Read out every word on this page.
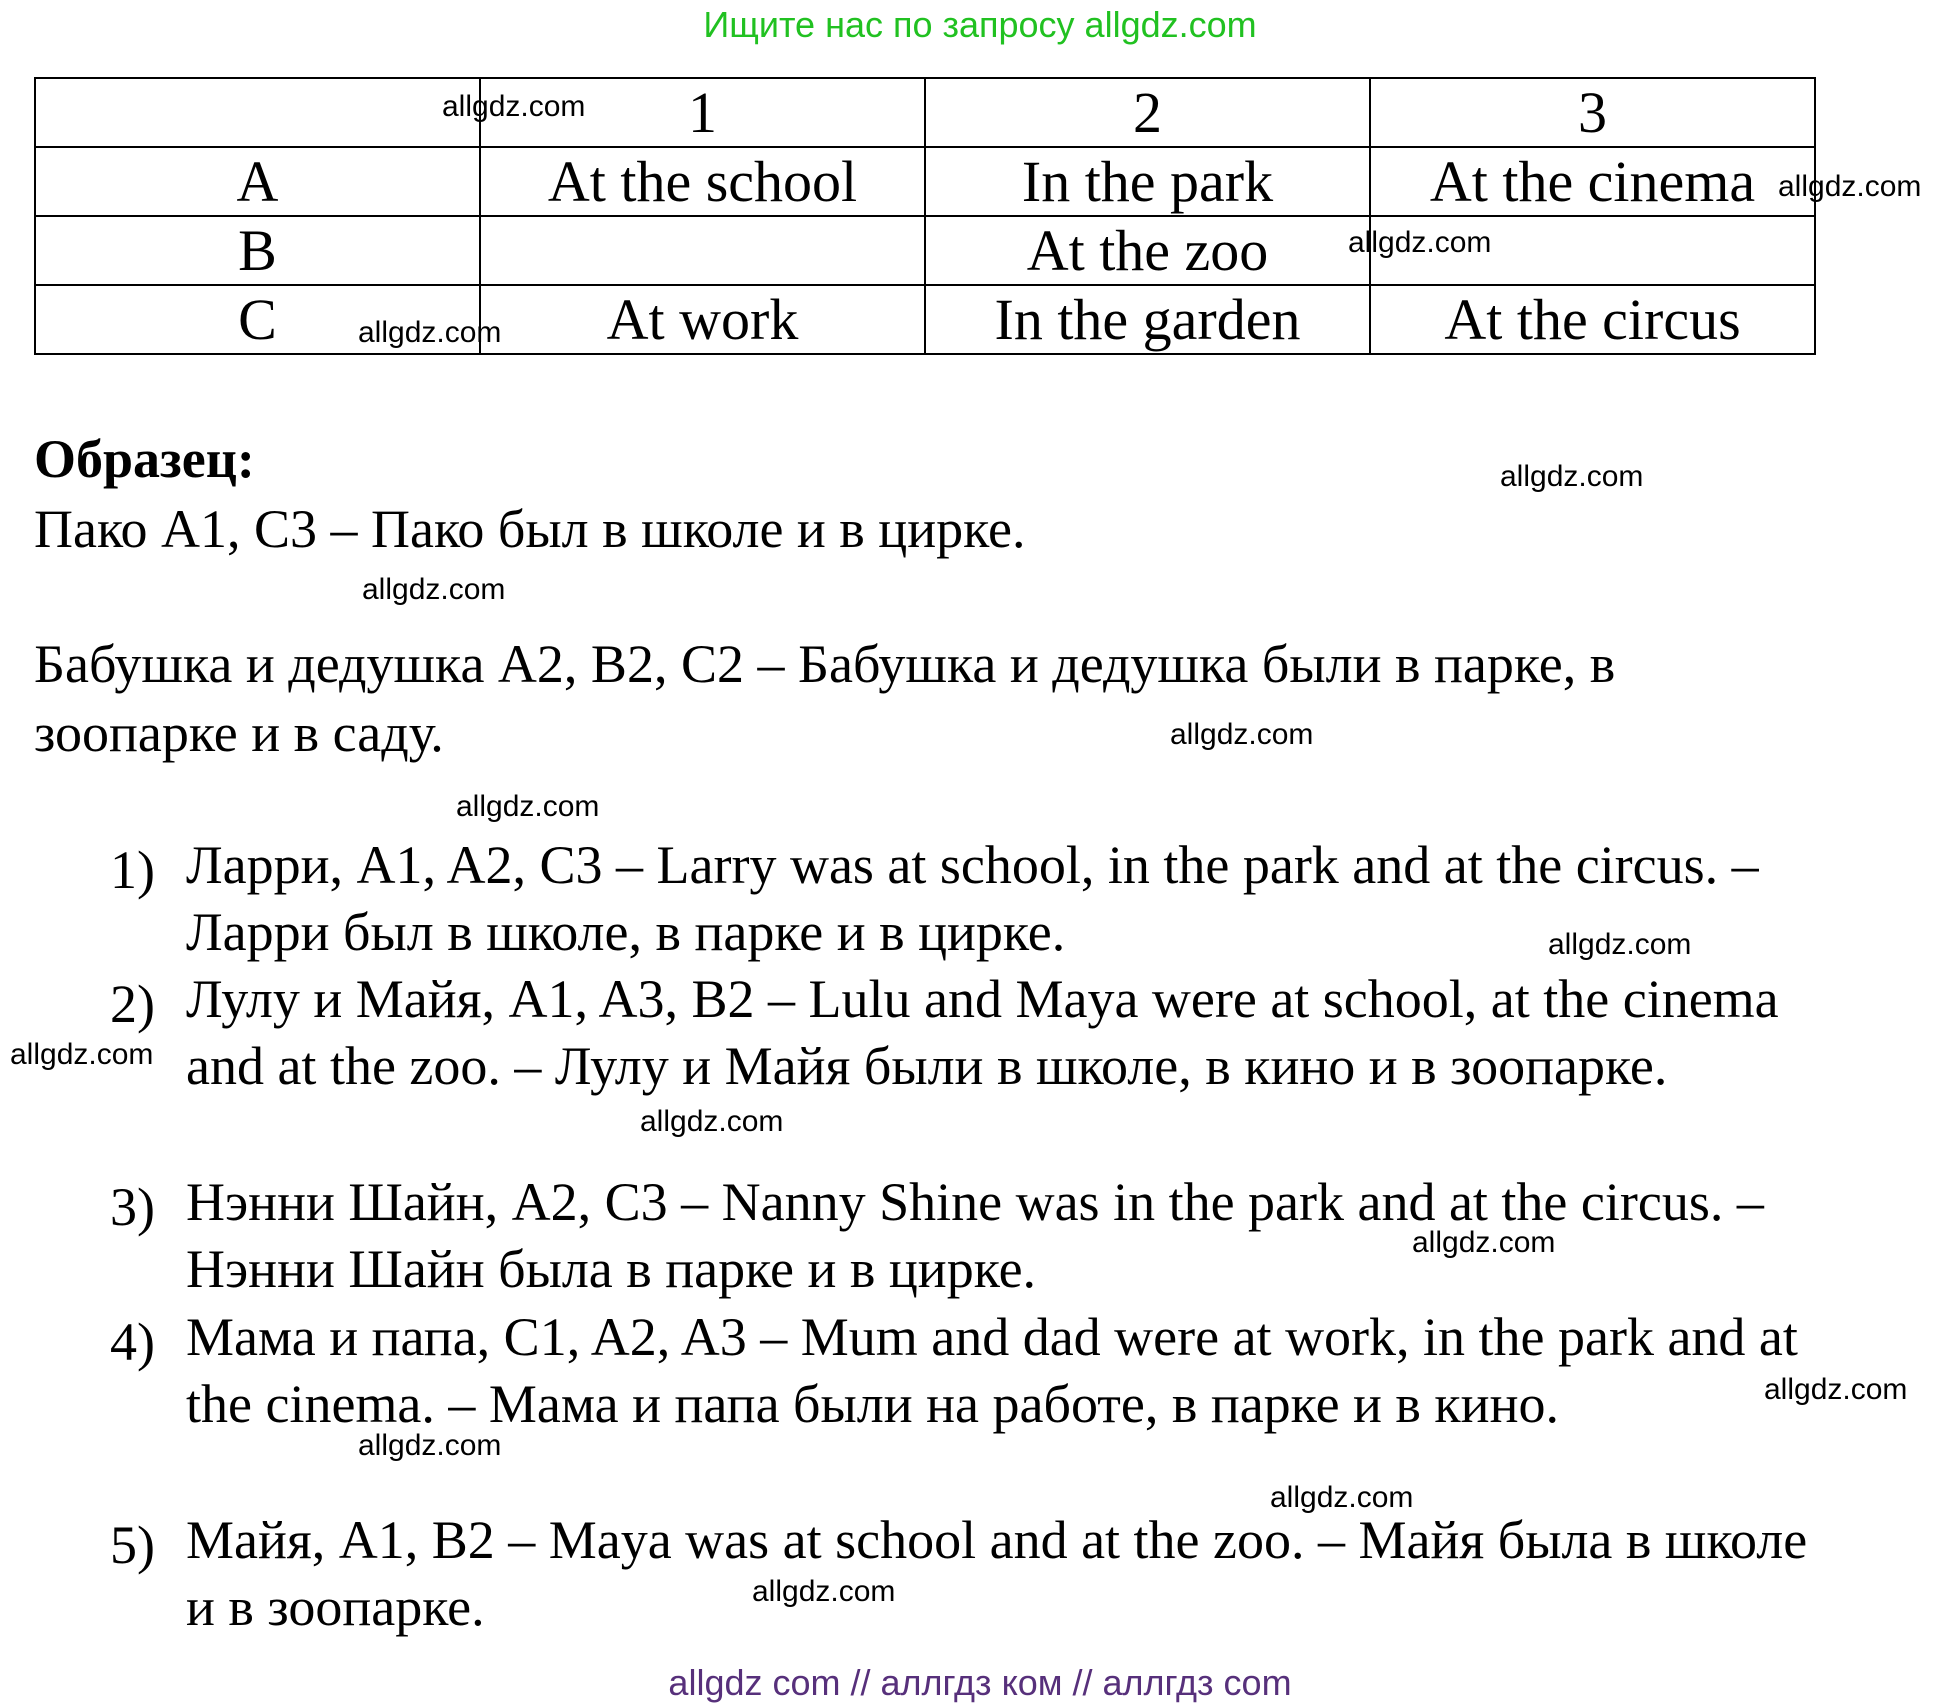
Ищите нас по запросу allgdz.com
	1	2	3
A	At the school	In the park	At the cinema
B		At the zoo	
C	At work	In the garden	At the circus
Образец:
Пако A1, C3 – Пако был в школе и в цирке.
Бабушка и дедушка A2, B2, C2 – Бабушка и дедушка были в парке, в
зоопарке и в саду.
1) Ларри, A1, A2, C3 – Larry was at school, in the park and at the circus. – Ларри был в школе, в парке и в цирке.
2) Лулу и Майя, A1, A3, B2 – Lulu and Maya were at school, at the cinema and at the zoo. – Лулу и Майя были в школе, в кино и в зоопарке.
3) Нэнни Шайн, A2, C3 – Nanny Shine was in the park and at the circus. – Нэнни Шайн была в парке и в цирке.
4) Мама и папа, C1, A2, A3 – Mum and dad were at work, in the park and at the cinema. – Мама и папа были на работе, в парке и в кино.
5) Майя, A1, B2 – Maya was at school and at the zoo. – Майя была в школе и в зоопарке.
allgdz.com
allgdz.com
allgdz.com
allgdz.com
allgdz.com
allgdz.com
allgdz.com
allgdz.com
allgdz.com
allgdz.com
allgdz.com
allgdz.com
allgdz.com
allgdz.com
allgdz.com
allgdz.com
allgdz com // аллгдз ком // аллгдз com
